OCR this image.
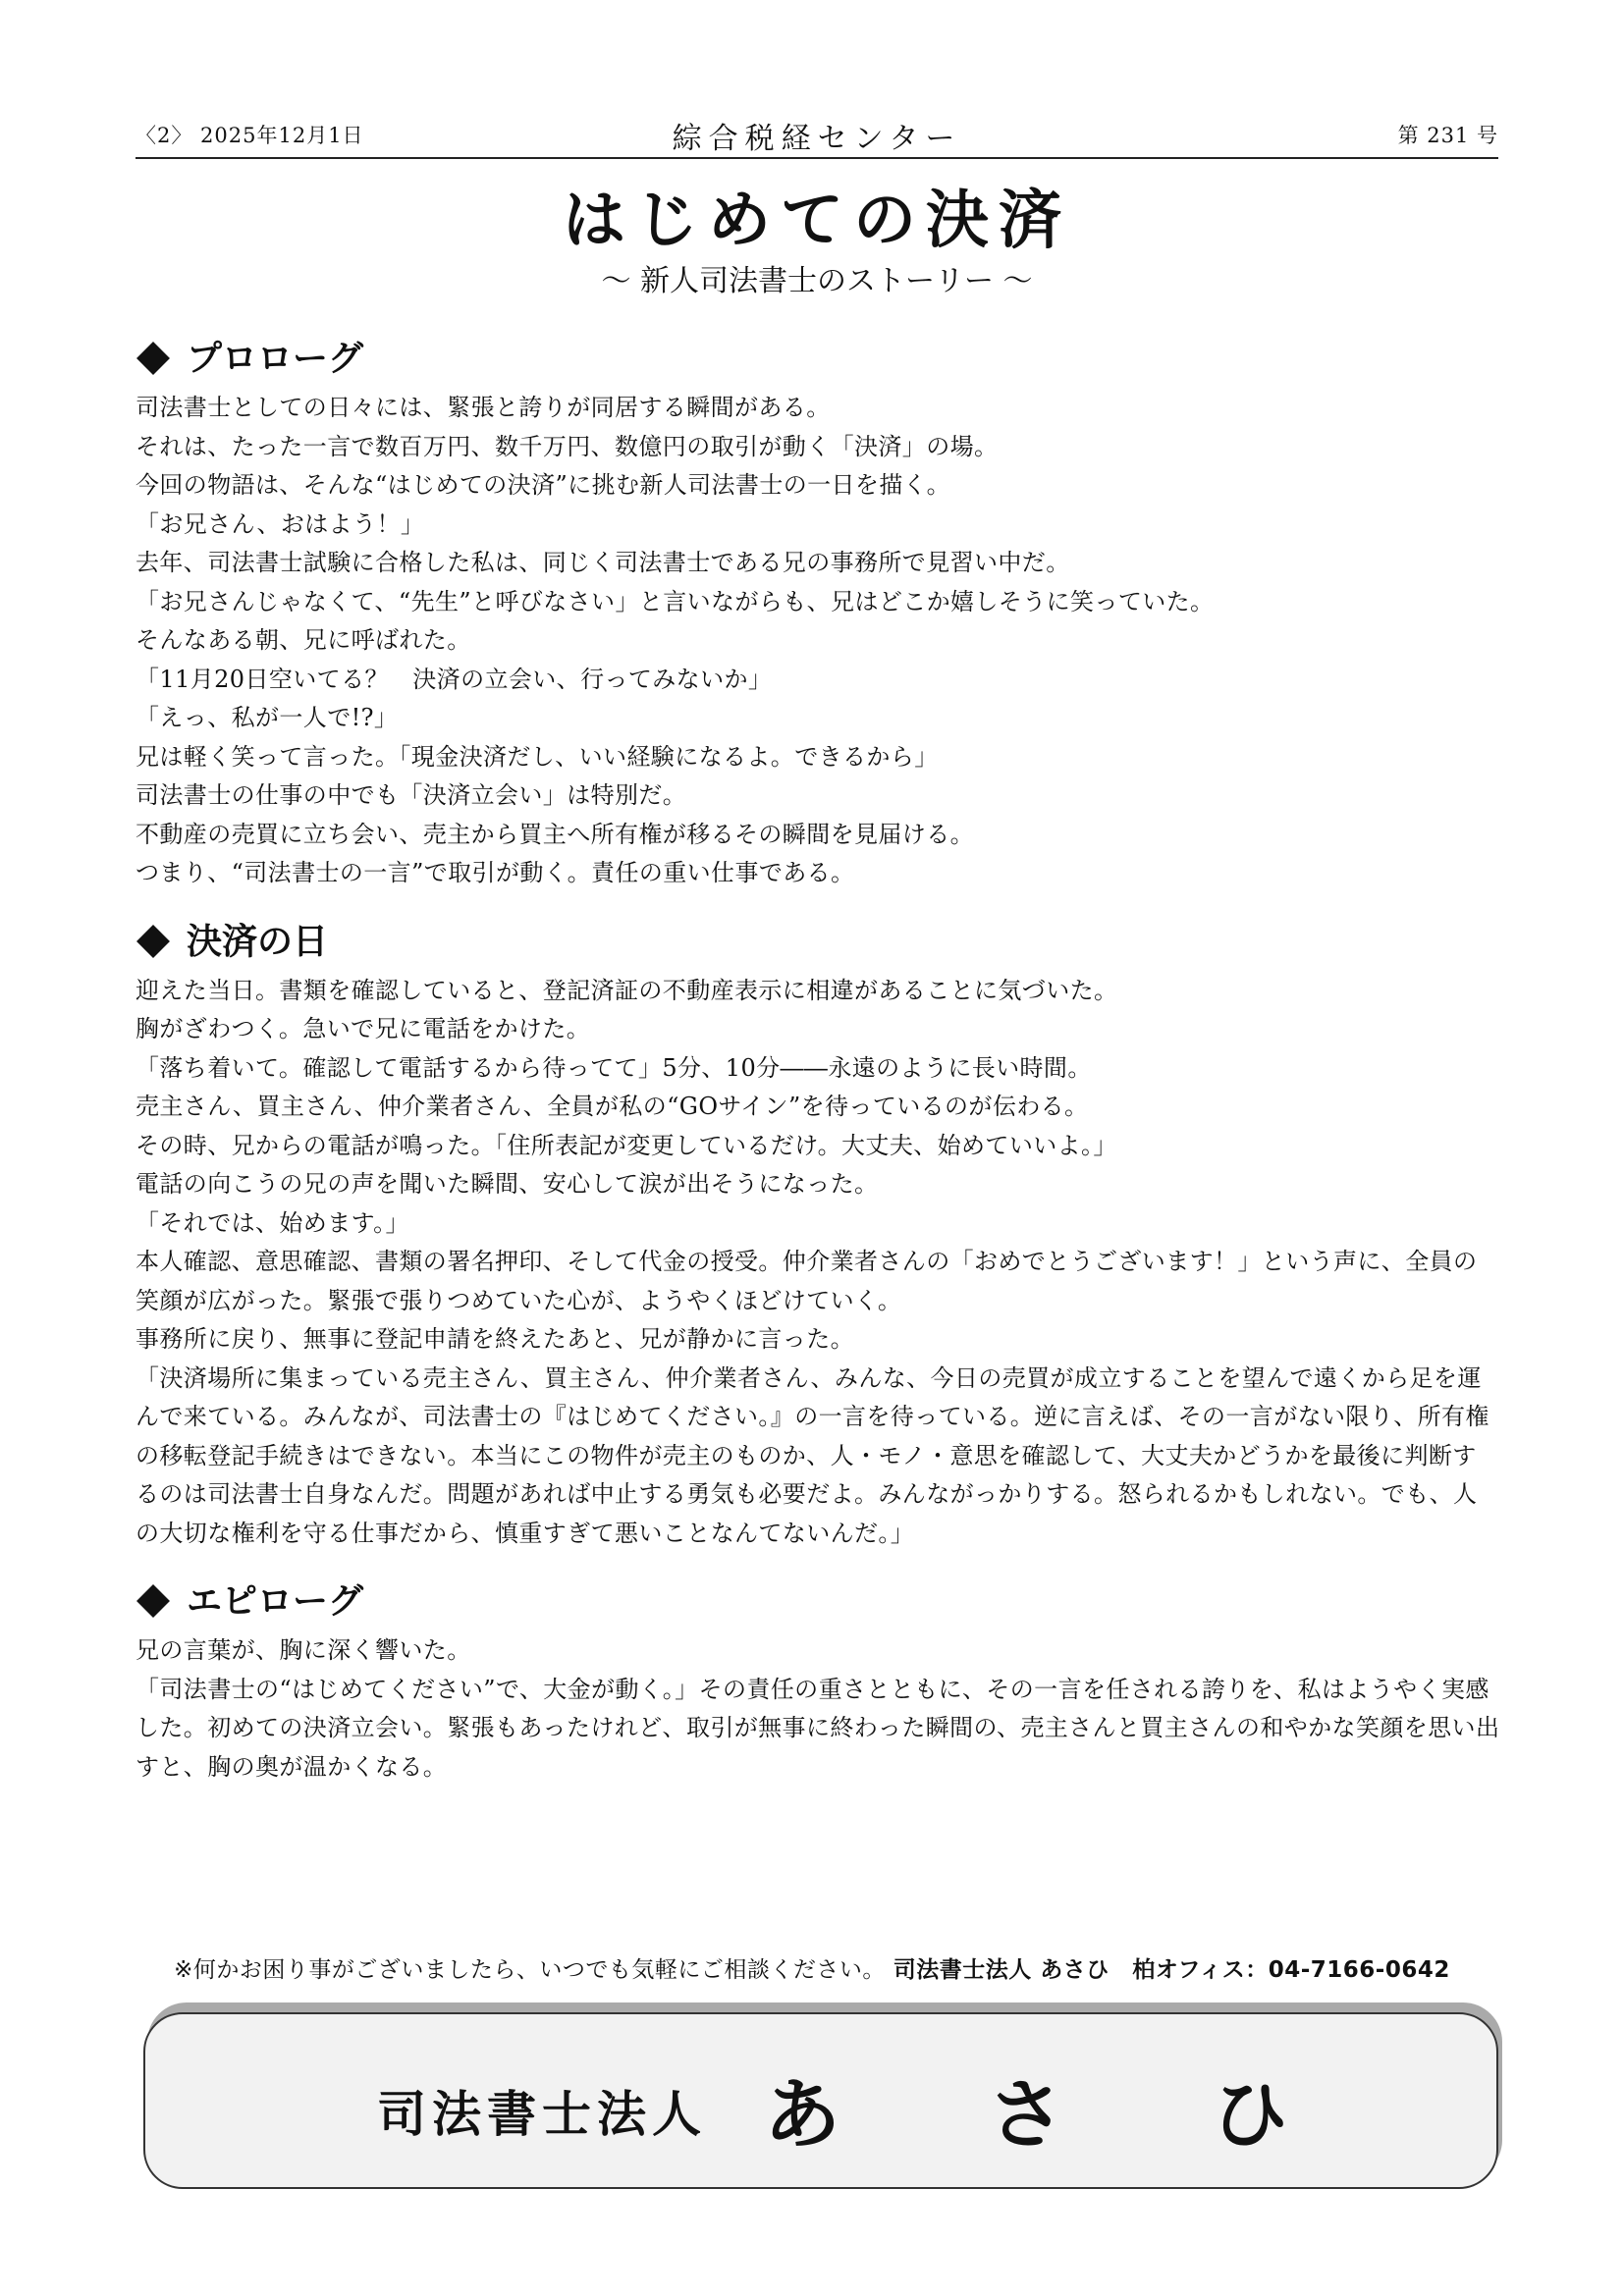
〈2〉 2025年12月1日	綜合税経センター	第 231 号
はじめての決済
〜 新人司法書士のストーリー 〜
プロローグ

司法書士としての日々には、緊張と誇りが同居する瞬間がある。

それは、たった一言で数百万円、数千万円、数億円の取引が動く「決済」の場。

今回の物語は、そんな“はじめての決済”に挑む新人司法書士の一日を描く。

「お兄さん、おはよう！」

去年、司法書士試験に合格した私は、同じく司法書士である兄の事務所で見習い中だ。

「お兄さんじゃなくて、“先生”と呼びなさい」と言いながらも、兄はどこか嬉しそうに笑っていた。

そんなある朝、兄に呼ばれた。

「11月20日空いてる？　決済の立会い、行ってみないか」

「えっ、私が一人で!?」

兄は軽く笑って言った。「現金決済だし、いい経験になるよ。できるから」

司法書士の仕事の中でも「決済立会い」は特別だ。

不動産の売買に立ち会い、売主から買主へ所有権が移るその瞬間を見届ける。

つまり、“司法書士の一言”で取引が動く。責任の重い仕事である。

決済の日

迎えた当日。書類を確認していると、登記済証の不動産表示に相違があることに気づいた。

胸がざわつく。急いで兄に電話をかけた。

「落ち着いて。確認して電話するから待ってて」5分、10分――永遠のように長い時間。

売主さん、買主さん、仲介業者さん、全員が私の“GOサイン”を待っているのが伝わる。

その時、兄からの電話が鳴った。「住所表記が変更しているだけ。大丈夫、始めていいよ。」

電話の向こうの兄の声を聞いた瞬間、安心して涙が出そうになった。

「それでは、始めます。」

本人確認、意思確認、書類の署名押印、そして代金の授受。仲介業者さんの「おめでとうございます！」という声に、全員の笑顔が広がった。緊張で張りつめていた心が、ようやくほどけていく。

事務所に戻り、無事に登記申請を終えたあと、兄が静かに言った。

「決済場所に集まっている売主さん、買主さん、仲介業者さん、みんな、今日の売買が成立することを望んで遠くから足を運んで来ている。みんなが、司法書士の『はじめてください。』の一言を待っている。逆に言えば、その一言がない限り、所有権の移転登記手続きはできない。本当にこの物件が売主のものか、人・モノ・意思を確認して、大丈夫かどうかを最後に判断するのは司法書士自身なんだ。問題があれば中止する勇気も必要だよ。みんながっかりする。怒られるかもしれない。でも、人の大切な権利を守る仕事だから、慎重すぎて悪いことなんてないんだ。」

エピローグ

兄の言葉が、胸に深く響いた。

「司法書士の“はじめてください”で、大金が動く。」その責任の重さとともに、その一言を任される誇りを、私はようやく実感した。初めての決済立会い。緊張もあったけれど、取引が無事に終わった瞬間の、売主さんと買主さんの和やかな笑顔を思い出すと、胸の奥が温かくなる。

※何かお困り事がございましたら、いつでも気軽にご相談ください。 司法書士法人 あさひ　柏オフィス：04-7166-0642
司法書士法人 あさひ
